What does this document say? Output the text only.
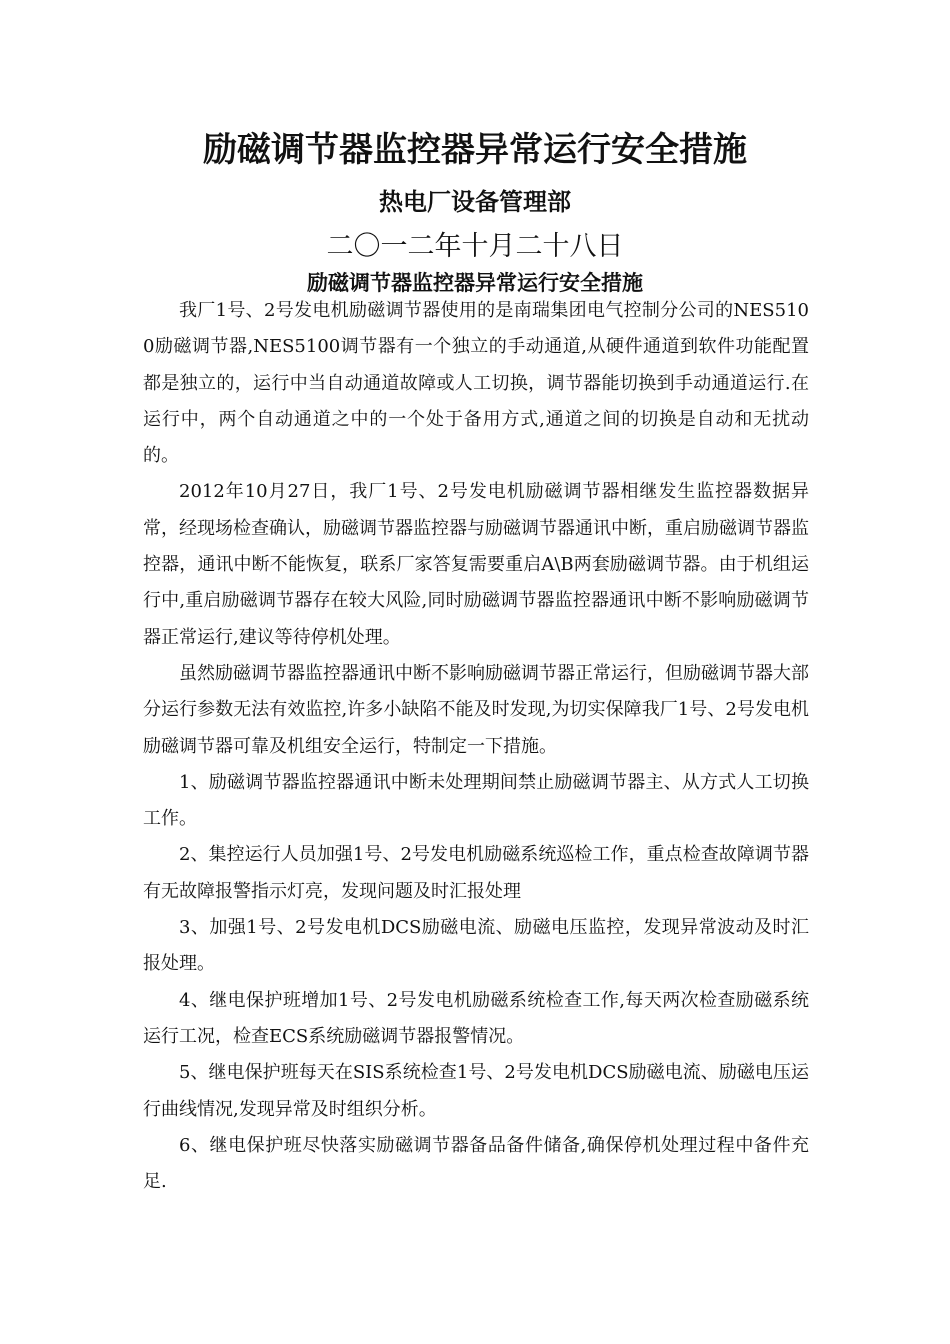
励磁调节器监控器异常运行安全措施
热电厂设备管理部
二〇一二年十月二十八日
励磁调节器监控器异常运行安全措施

我厂1号、2号发电机励磁调节器使用的是南瑞集团电气控制分公司的NES5100励磁调节器,NES5100调节器有一个独立的手动通道,从硬件通道到软件功能配置都是独立的，运行中当自动通道故障或人工切换，调节器能切换到手动通道运行.在运行中，两个自动通道之中的一个处于备用方式,通道之间的切换是自动和无扰动的。

2012年10月27日，我厂1号、2号发电机励磁调节器相继发生监控器数据异常，经现场检查确认，励磁调节器监控器与励磁调节器通讯中断，重启励磁调节器监控器，通讯中断不能恢复，联系厂家答复需要重启A\B两套励磁调节器。由于机组运行中,重启励磁调节器存在较大风险,同时励磁调节器监控器通讯中断不影响励磁调节器正常运行,建议等待停机处理。

虽然励磁调节器监控器通讯中断不影响励磁调节器正常运行，但励磁调节器大部分运行参数无法有效监控,许多小缺陷不能及时发现,为切实保障我厂1号、2号发电机励磁调节器可靠及机组安全运行，特制定一下措施。

1、励磁调节器监控器通讯中断未处理期间禁止励磁调节器主、从方式人工切换工作。

2、集控运行人员加强1号、2号发电机励磁系统巡检工作，重点检查故障调节器有无故障报警指示灯亮，发现问题及时汇报处理

3、加强1号、2号发电机DCS励磁电流、励磁电压监控，发现异常波动及时汇报处理。

4、继电保护班增加1号、2号发电机励磁系统检查工作,每天两次检查励磁系统运行工况，检查ECS系统励磁调节器报警情况。

5、继电保护班每天在SIS系统检查1号、2号发电机DCS励磁电流、励磁电压运行曲线情况,发现异常及时组织分析。

6、继电保护班尽快落实励磁调节器备品备件储备,确保停机处理过程中备件充足.
